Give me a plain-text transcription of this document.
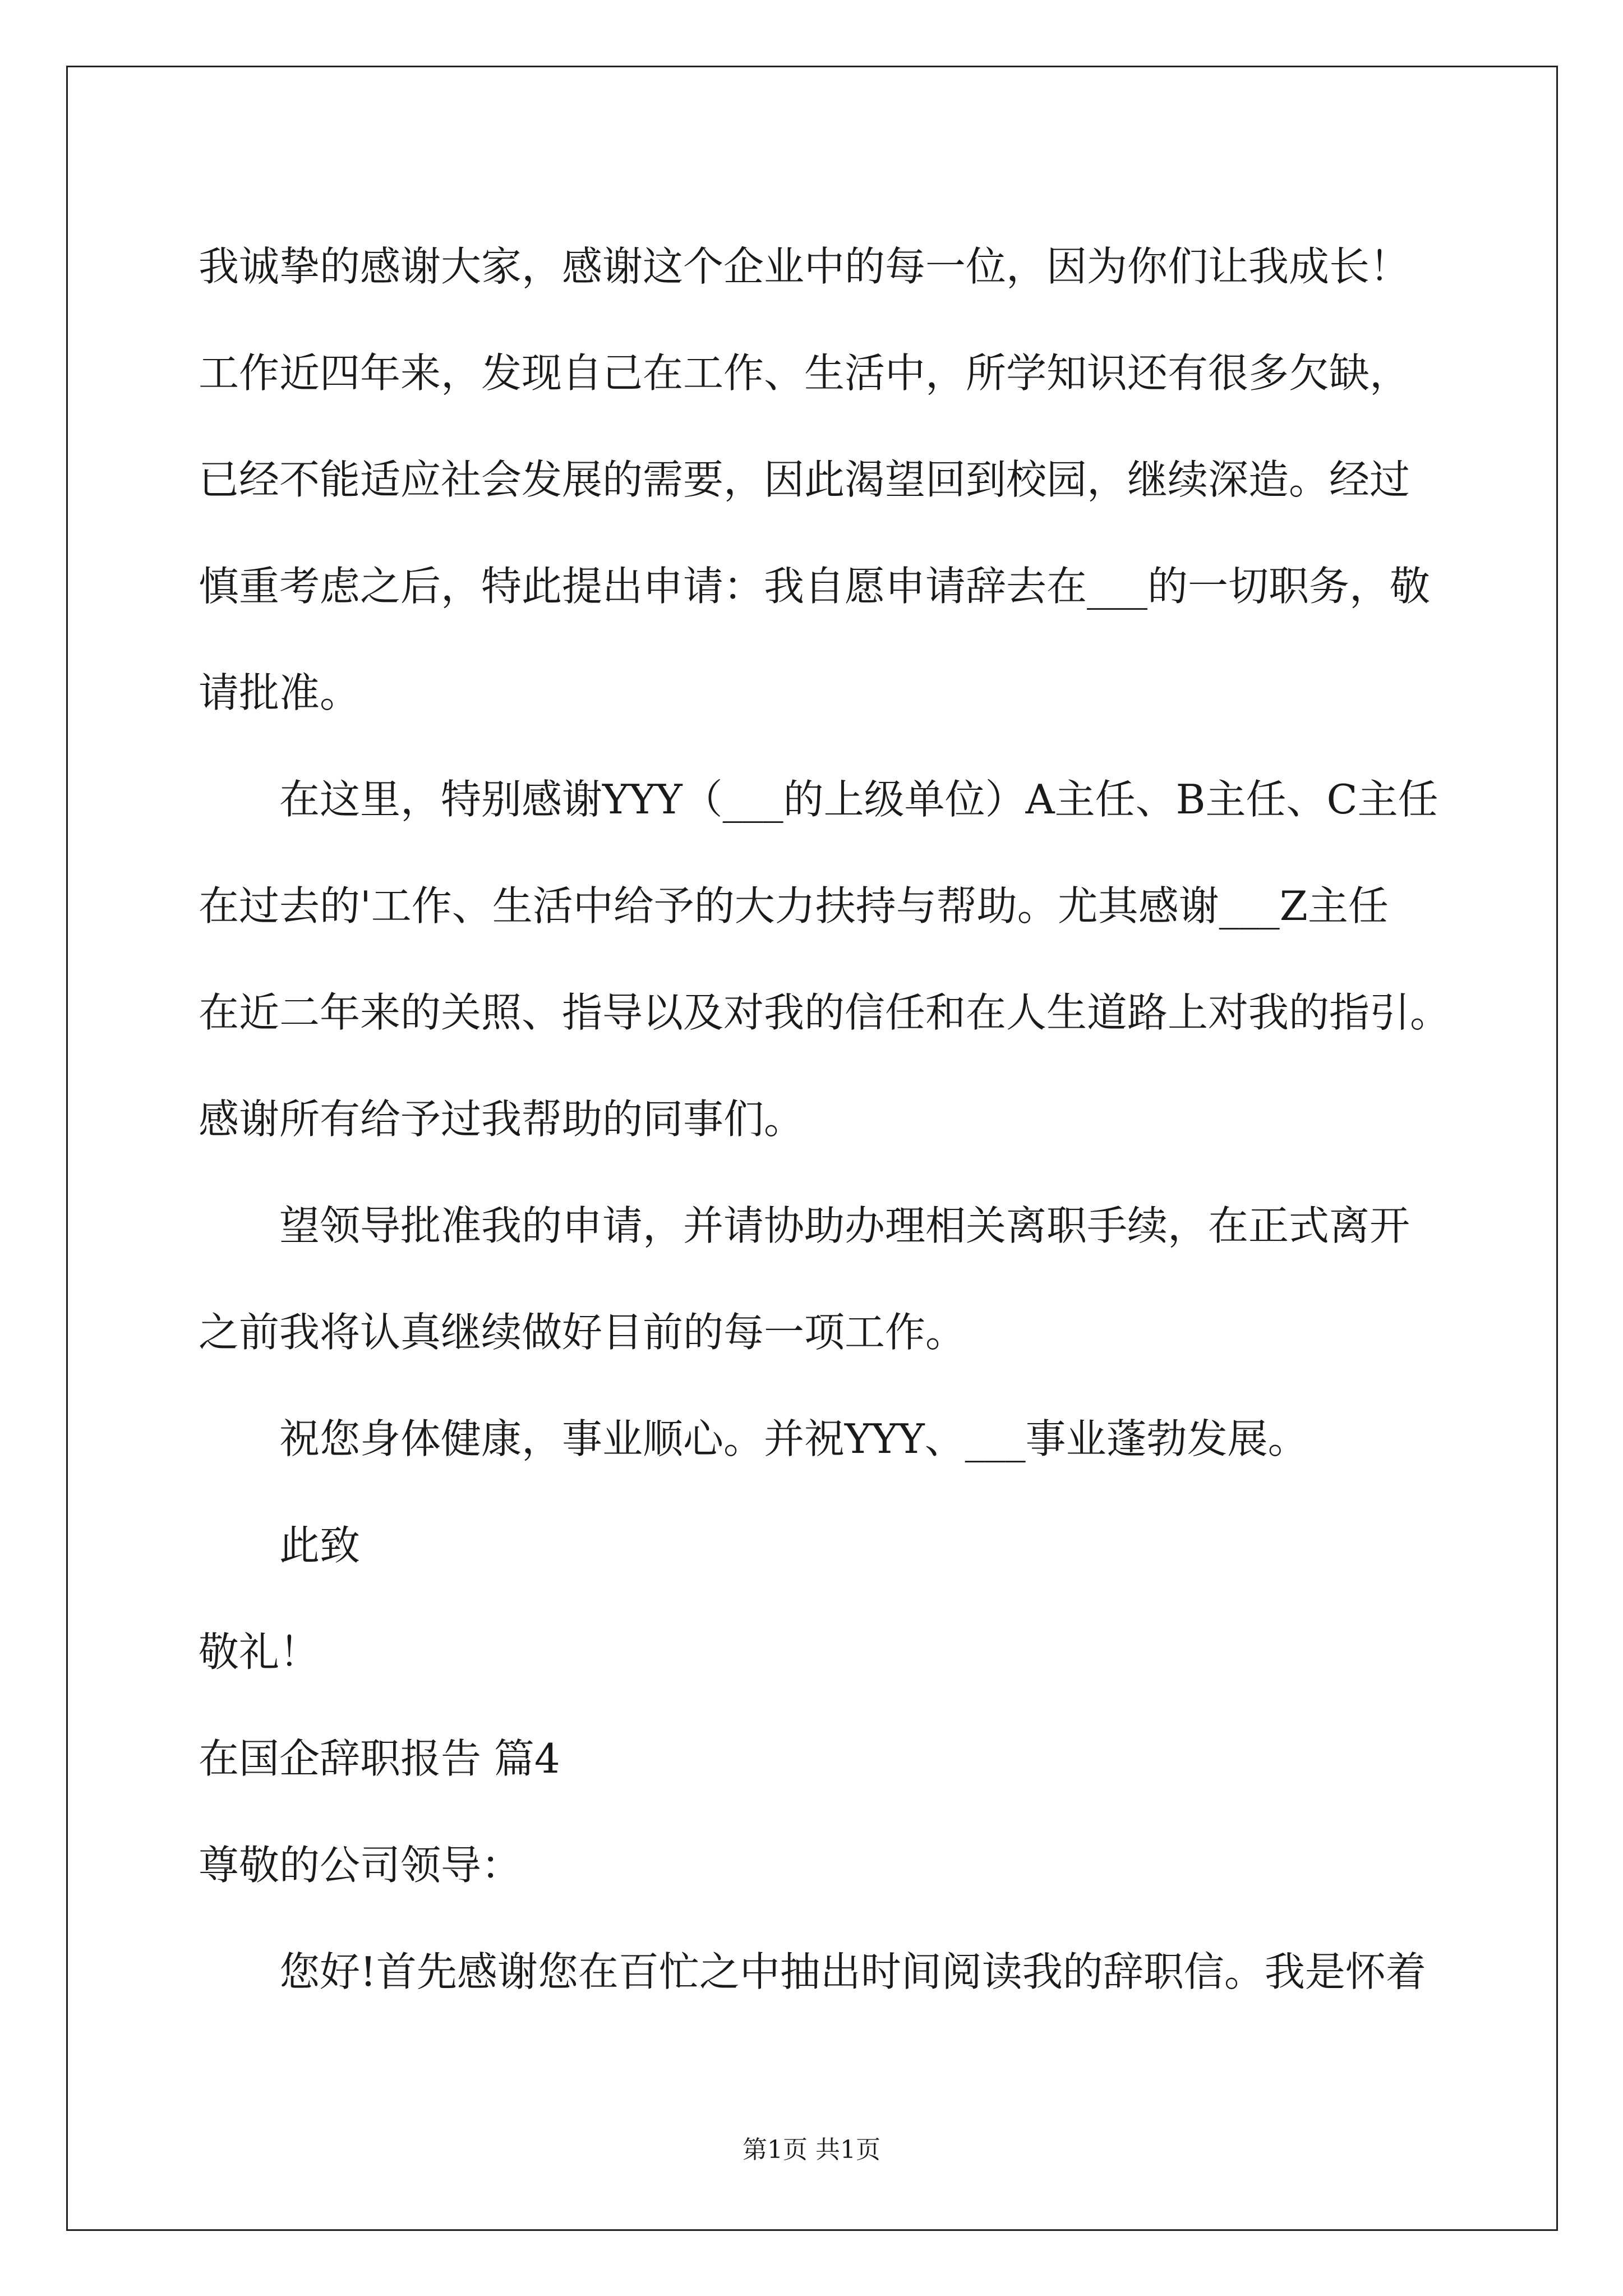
我诚挚的感谢大家，感谢这个企业中的每一位，因为你们让我成长！
工作近四年来，发现自己在工作、生活中，所学知识还有很多欠缺，
已经不能适应社会发展的需要，因此渴望回到校园，继续深造。经过
慎重考虑之后，特此提出申请：我自愿申请辞去在___的一切职务，敬
请批准。
在这里，特别感谢YYY（___的上级单位）A主任、B主任、C主任
在过去的'工作、生活中给予的大力扶持与帮助。尤其感谢___Z主任
在近二年来的关照、指导以及对我的信任和在人生道路上对我的指引。
感谢所有给予过我帮助的同事们。
望领导批准我的申请，并请协助办理相关离职手续，在正式离开
之前我将认真继续做好目前的每一项工作。
祝您身体健康，事业顺心。并祝YYY、___事业蓬勃发展。
此致
敬礼！
在国企辞职报告 篇4
尊敬的公司领导：
您好!首先感谢您在百忙之中抽出时间阅读我的辞职信。我是怀着
第1页 共1页
